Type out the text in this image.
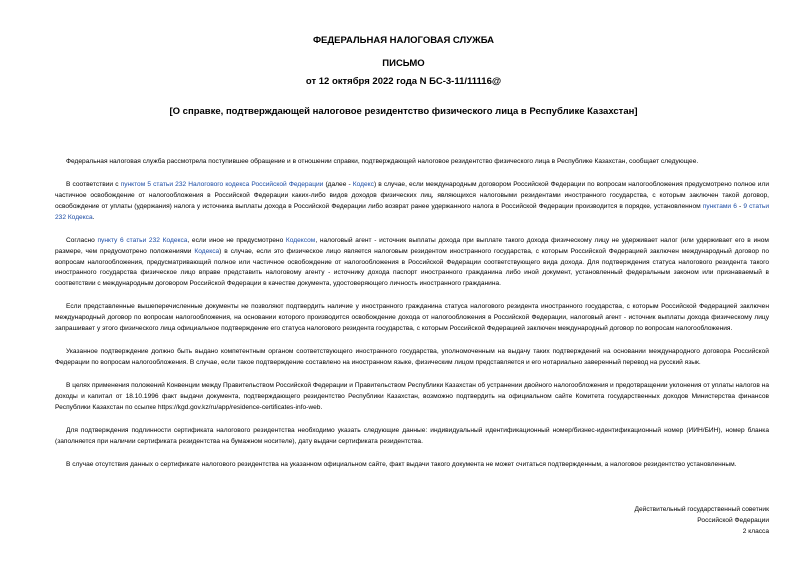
ФЕДЕРАЛЬНАЯ НАЛОГОВАЯ СЛУЖБА
ПИСЬМО
от 12 октября 2022 года N БС-3-11/11116@
[О справке, подтверждающей налоговое резидентство физического лица в Республике Казахстан]

Федеральная налоговая служба рассмотрела поступившее обращение и в отношении справки, подтверждающей налоговое резидентство физического лица в Республике Казахстан, сообщает следующее.

В соответствии с пунктом 5 статьи 232 Налогового кодекса Российской Федерации (далее - Кодекс) в случае, если международным договором Российской Федерации по вопросам налогообложения предусмотрено полное или частичное освобождение от налогообложения в Российской Федерации каких-либо видов доходов физических лиц, являющихся налоговыми резидентами иностранного государства, с которым заключен такой договор, освобождение от уплаты (удержания) налога у источника выплаты дохода в Российской Федерации либо возврат ранее удержанного налога в Российской Федерации производится в порядке, установленном пунктами 6 - 9 статьи 232 Кодекса.

Согласно пункту 6 статьи 232 Кодекса, если иное не предусмотрено Кодексом, налоговый агент - источник выплаты дохода при выплате такого дохода физическому лицу не удерживает налог (или удерживает его в ином размере, чем предусмотрено положениями Кодекса) в случае, если это физическое лицо является налоговым резидентом иностранного государства, с которым Российской Федерацией заключен международный договор по вопросам налогообложения, предусматривающий полное или частичное освобождение от налогообложения в Российской Федерации соответствующего вида дохода. Для подтверждения статуса налогового резидента такого иностранного государства физическое лицо вправе представить налоговому агенту - источнику дохода паспорт иностранного гражданина либо иной документ, установленный федеральным законом или признаваемый в соответствии с международным договором Российской Федерации в качестве документа, удостоверяющего личность иностранного гражданина.

Если представленные вышеперечисленные документы не позволяют подтвердить наличие у иностранного гражданина статуса налогового резидента иностранного государства, с которым Российской Федерацией заключен международный договор по вопросам налогообложения, на основании которого производится освобождение дохода от налогообложения в Российской Федерации, налоговый агент - источник выплаты дохода физическому лицу запрашивает у этого физического лица официальное подтверждение его статуса налогового резидента государства, с которым Российской Федерацией заключен международный договор по вопросам налогообложения.

Указанное подтверждение должно быть выдано компетентным органом соответствующего иностранного государства, уполномоченным на выдачу таких подтверждений на основании международного договора Российской Федерации по вопросам налогообложения. В случае, если такое подтверждение составлено на иностранном языке, физическим лицом представляется и его нотариально заверенный перевод на русский язык.

В целях применения положений Конвенции между Правительством Российской Федерации и Правительством Республики Казахстан об устранении двойного налогообложения и предотвращении уклонения от уплаты налогов на доходы и капитал от 18.10.1996 факт выдачи документа, подтверждающего резидентство Республики Казахстан, возможно подтвердить на официальном сайте Комитета государственных доходов Министерства финансов Республики Казахстан по ссылке https://kgd.gov.kz/ru/app/residence-certificates-info-web.

Для подтверждения подлинности сертификата налогового резидентства необходимо указать следующие данные: индивидуальный идентификационный номер/бизнес-идентификационный номер (ИИН/БИН), номер бланка (заполняется при наличии сертификата резидентства на бумажном носителе), дату выдачи сертификата резидентства.

В случае отсутствия данных о сертификате налогового резидентства на указанном официальном сайте, факт выдачи такого документа не может считаться подтвержденным, а налоговое резидентство установленным.

Действительный государственный советник
Российской Федерации
2 класса
